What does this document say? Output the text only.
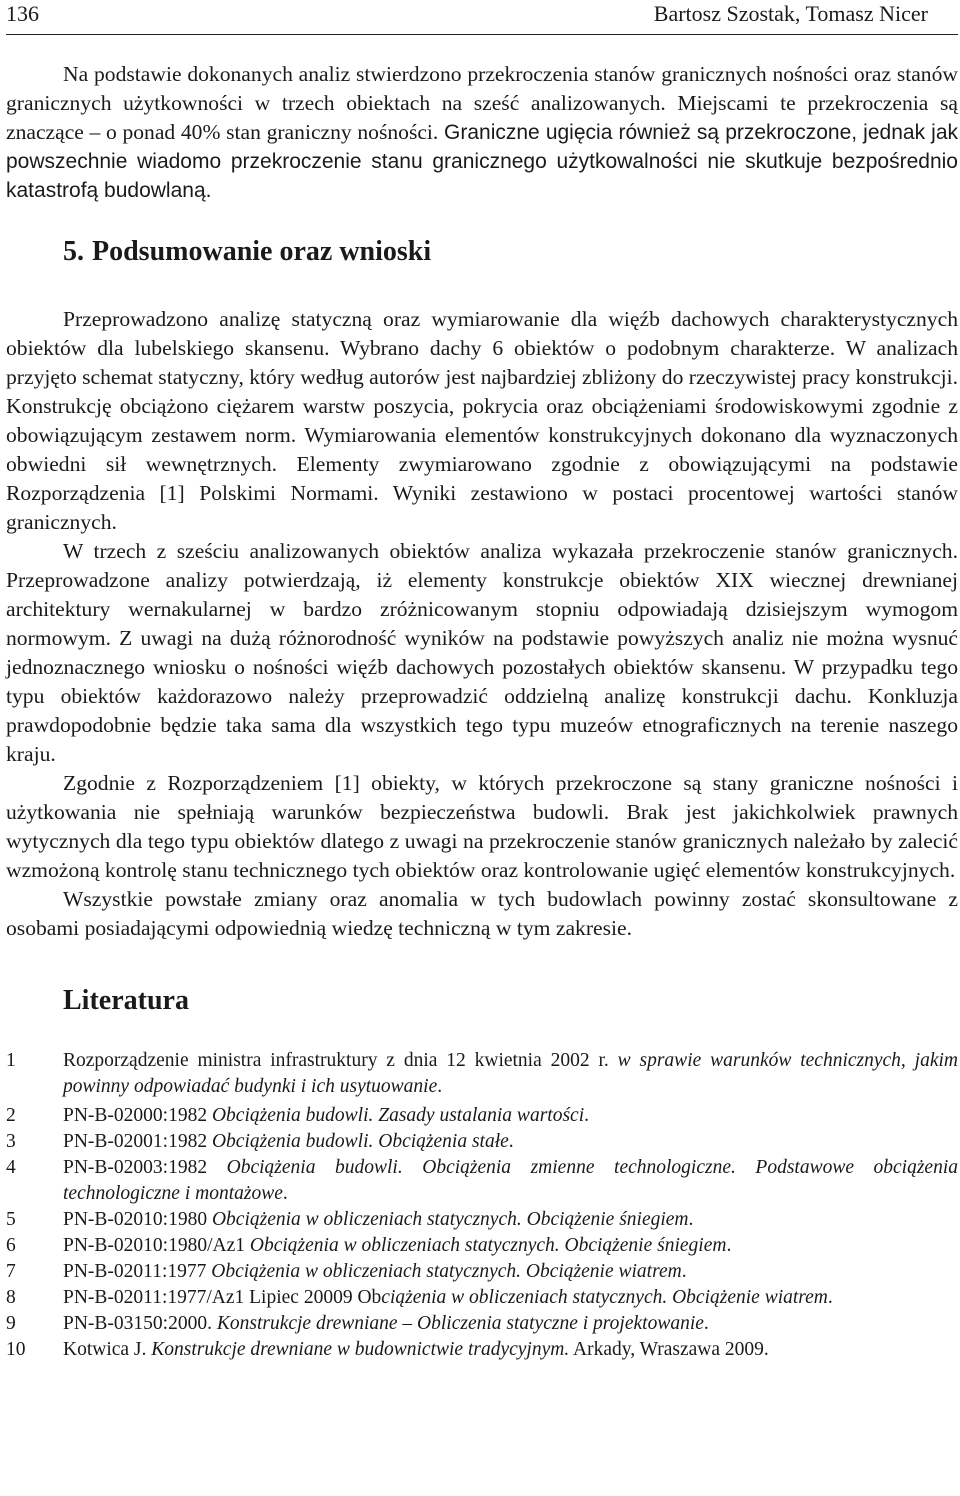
136	Bartosz Szostak, Tomasz Nicer

Na podstawie dokonanych analiz stwierdzono przekroczenia stanów granicznych nośności oraz stanów granicznych użytkowności w trzech obiektach na sześć analizowanych. Miejscami te przekroczenia są znaczące – o ponad 40% stan graniczny nośności. Graniczne ugięcia również są przekroczone, jednak jak powszechnie wiadomo przekroczenie stanu granicznego użytkowalności nie skutkuje bezpośrednio katastrofą budowlaną.

5. Podsumowanie oraz wnioski

Przeprowadzono analizę statyczną oraz wymiarowanie dla więźb dachowych charakterystycznych obiektów dla lubelskiego skansenu. Wybrano dachy 6 obiektów o podobnym charakterze. W analizach przyjęto schemat statyczny, który według autorów jest najbardziej zbliżony do rzeczywistej pracy konstrukcji. Konstrukcję obciążono ciężarem warstw poszycia, pokrycia oraz obciążeniami środowiskowymi zgodnie z obowiązującym zestawem norm. Wymiarowania elementów konstrukcyjnych dokonano dla wyznaczonych obwiedni sił wewnętrznych. Elementy zwymiarowano zgodnie z obowiązującymi na podstawie Rozporządzenia [1] Polskimi Normami. Wyniki zestawiono w postaci procentowej wartości stanów granicznych.

W trzech z sześciu analizowanych obiektów analiza wykazała przekroczenie stanów granicznych. Przeprowadzone analizy potwierdzają, iż elementy konstrukcje obiektów XIX wiecznej drewnianej architektury wernakularnej w bardzo zróżnicowanym stopniu odpowiadają dzisiejszym wymogom normowym. Z uwagi na dużą różnorodność wyników na podstawie powyższych analiz nie można wysnuć jednoznacznego wniosku o nośności więźb dachowych pozostałych obiektów skansenu. W przypadku tego typu obiektów każdorazowo należy przeprowadzić oddzielną analizę konstrukcji dachu. Konkluzja prawdopodobnie będzie taka sama dla wszystkich tego typu muzeów etnograficznych na terenie naszego kraju.

Zgodnie z Rozporządzeniem [1] obiekty, w których przekroczone są stany graniczne nośności i użytkowania nie spełniają warunków bezpieczeństwa budowli. Brak jest jakichkolwiek prawnych wytycznych dla tego typu obiektów dlatego z uwagi na przekroczenie stanów granicznych należało by zalecić wzmożoną kontrolę stanu technicznego tych obiektów oraz kontrolowanie ugięć elementów konstrukcyjnych.

Wszystkie powstałe zmiany oraz anomalia w tych budowlach powinny zostać skonsultowane z osobami posiadającymi odpowiednią wiedzę techniczną w tym zakresie.

Literatura
1 Rozporządzenie ministra infrastruktury z dnia 12 kwietnia 2002 r. w sprawie warunków technicznych, jakim powinny odpowiadać budynki i ich usytuowanie.
2 PN-B-02000:1982 Obciążenia budowli. Zasady ustalania wartości.
3 PN-B-02001:1982 Obciążenia budowli. Obciążenia stałe.
4 PN-B-02003:1982 Obciążenia budowli. Obciążenia zmienne technologiczne. Podstawowe obciążenia technologiczne i montażowe.
5 PN-B-02010:1980 Obciążenia w obliczeniach statycznych. Obciążenie śniegiem.
6 PN-B-02010:1980/Az1 Obciążenia w obliczeniach statycznych. Obciążenie śniegiem.
7 PN-B-02011:1977 Obciążenia w obliczeniach statycznych. Obciążenie wiatrem.
8 PN-B-02011:1977/Az1 Lipiec 20009 Obciążenia w obliczeniach statycznych. Obciążenie wiatrem.
9 PN-B-03150:2000. Konstrukcje drewniane – Obliczenia statyczne i projektowanie.
10 Kotwica J. Konstrukcje drewniane w budownictwie tradycyjnym. Arkady, Wraszawa 2009.
